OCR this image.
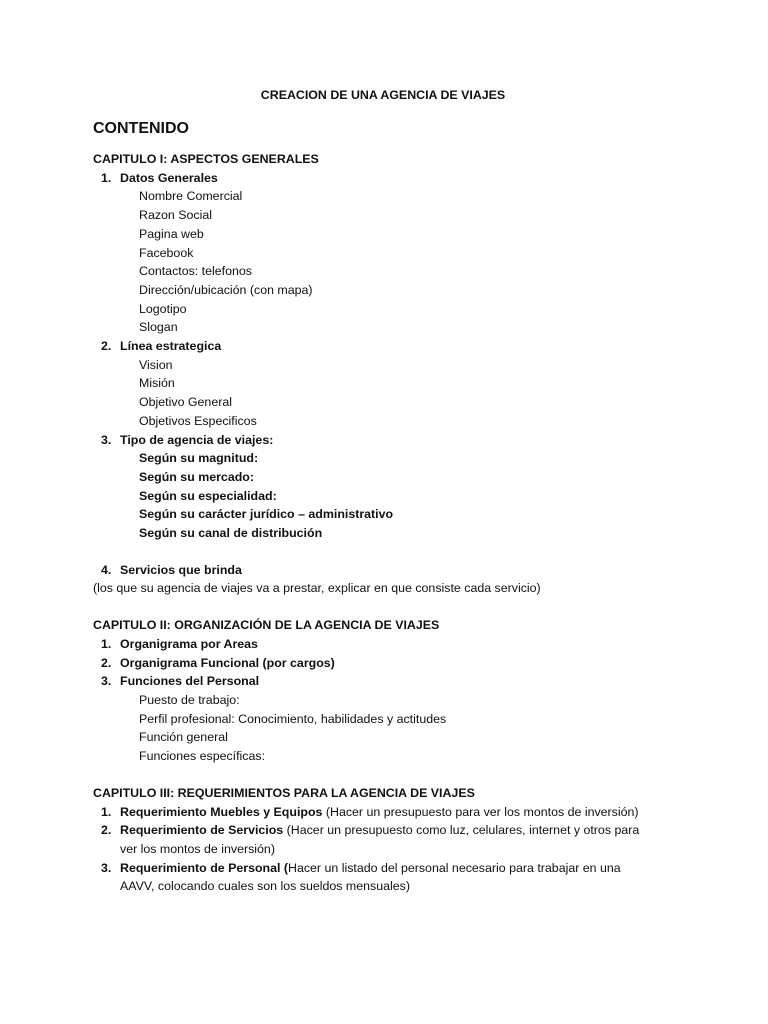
CREACION DE UNA AGENCIA DE VIAJES
CONTENIDO
CAPITULO I: ASPECTOS GENERALES
1. Datos Generales
Nombre Comercial
Razon Social
Pagina web
Facebook
Contactos: telefonos
Dirección/ubicación (con mapa)
Logotipo
Slogan
2. Línea estrategica
Vision
Misión
Objetivo General
Objetivos Especificos
3. Tipo de agencia de viajes:
Según su magnitud:
Según su mercado:
Según su especialidad:
Según su carácter jurídico – administrativo
Según su canal de distribución
4. Servicios que brinda
(los que su agencia de viajes va a prestar, explicar en que consiste cada servicio)
CAPITULO II: ORGANIZACIÓN DE LA AGENCIA DE VIAJES
1. Organigrama por Areas
2. Organigrama Funcional (por cargos)
3. Funciones del Personal
Puesto de trabajo:
Perfil profesional: Conocimiento, habilidades y actitudes
Función general
Funciones específicas:
CAPITULO III: REQUERIMIENTOS PARA LA AGENCIA DE VIAJES
1. Requerimiento Muebles y Equipos (Hacer un presupuesto para ver los montos de inversión)
2. Requerimiento de Servicios (Hacer un presupuesto como luz, celulares, internet y otros para
ver los montos de inversión)
3. Requerimiento de Personal (Hacer un listado del personal necesario para trabajar en una
AAVV, colocando cuales son los sueldos mensuales)
